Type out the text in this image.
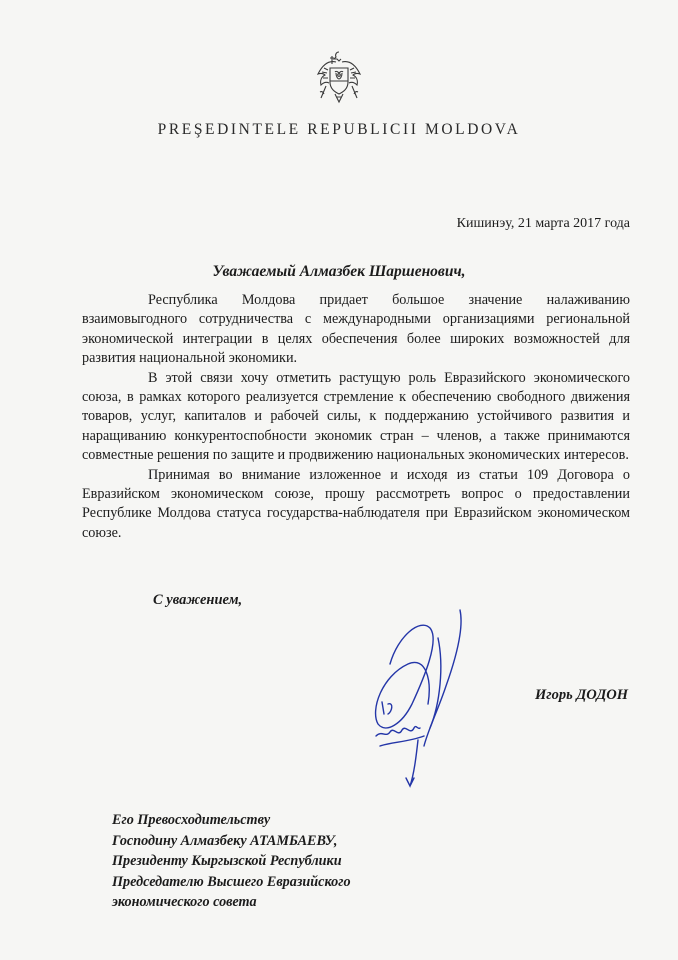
PREŞEDINTELE REPUBLICII MOLDOVA
Кишинэу, 21 марта 2017 года
Уважаемый Алмазбек Шаршенович,

Республика Молдова придает большое значение налаживанию взаимовыгодного сотрудничества с международными организациями региональной экономической интеграции в целях обеспечения более широких возможностей для развития национальной экономики.

В этой связи хочу отметить растущую роль Евразийского экономического союза, в рамках которого реализуется стремление к обеспечению свободного движения товаров, услуг, капиталов и рабочей силы, к поддержанию устойчивого развития и наращиванию конкурентоспобности экономик стран – членов, а также принимаются совместные решения по защите и продвижению национальных экономических интересов.

Принимая во внимание изложенное и исходя из статьи 109 Договора о Евразийском экономическом союзе, прошу рассмотреть вопрос о предоставлении Республике Молдова статуса государства-наблюдателя при Евразийском экономическом союзе.

С уважением,
Игорь ДОДОН
Его Превосходительству
Господину Алмазбеку АТАМБАЕВУ,
Президенту Кыргызской Республики
Председателю Высшего Евразийского
экономического совета
